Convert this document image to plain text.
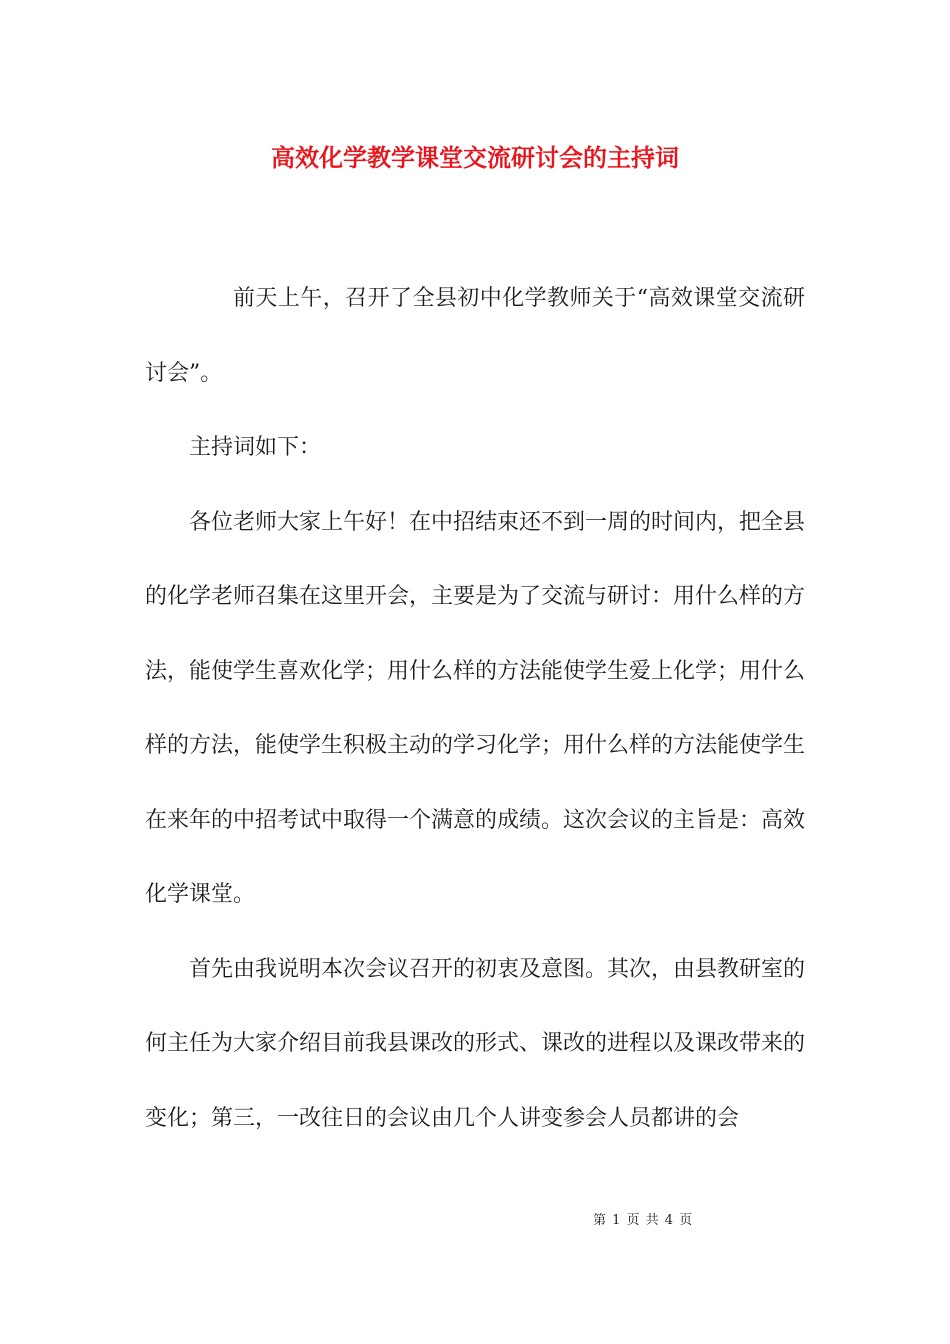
高效化学教学课堂交流研讨会的主持词

前天上午，召开了全县初中化学教师关于“高效课堂交流研讨会”。

主持词如下：

各位老师大家上午好！在中招结束还不到一周的时间内，把全县的化学老师召集在这里开会，主要是为了交流与研讨：用什么样的方法，能使学生喜欢化学；用什么样的方法能使学生爱上化学；用什么样的方法，能使学生积极主动的学习化学；用什么样的方法能使学生在来年的中招考试中取得一个满意的成绩。这次会议的主旨是：高效化学课堂。

首先由我说明本次会议召开的初衷及意图。其次，由县教研室的何主任为大家介绍目前我县课改的形式、课改的进程以及课改带来的变化；第三，一改往日的会议由几个人讲变参会人员都讲的会

第 1 页 共 4 页
